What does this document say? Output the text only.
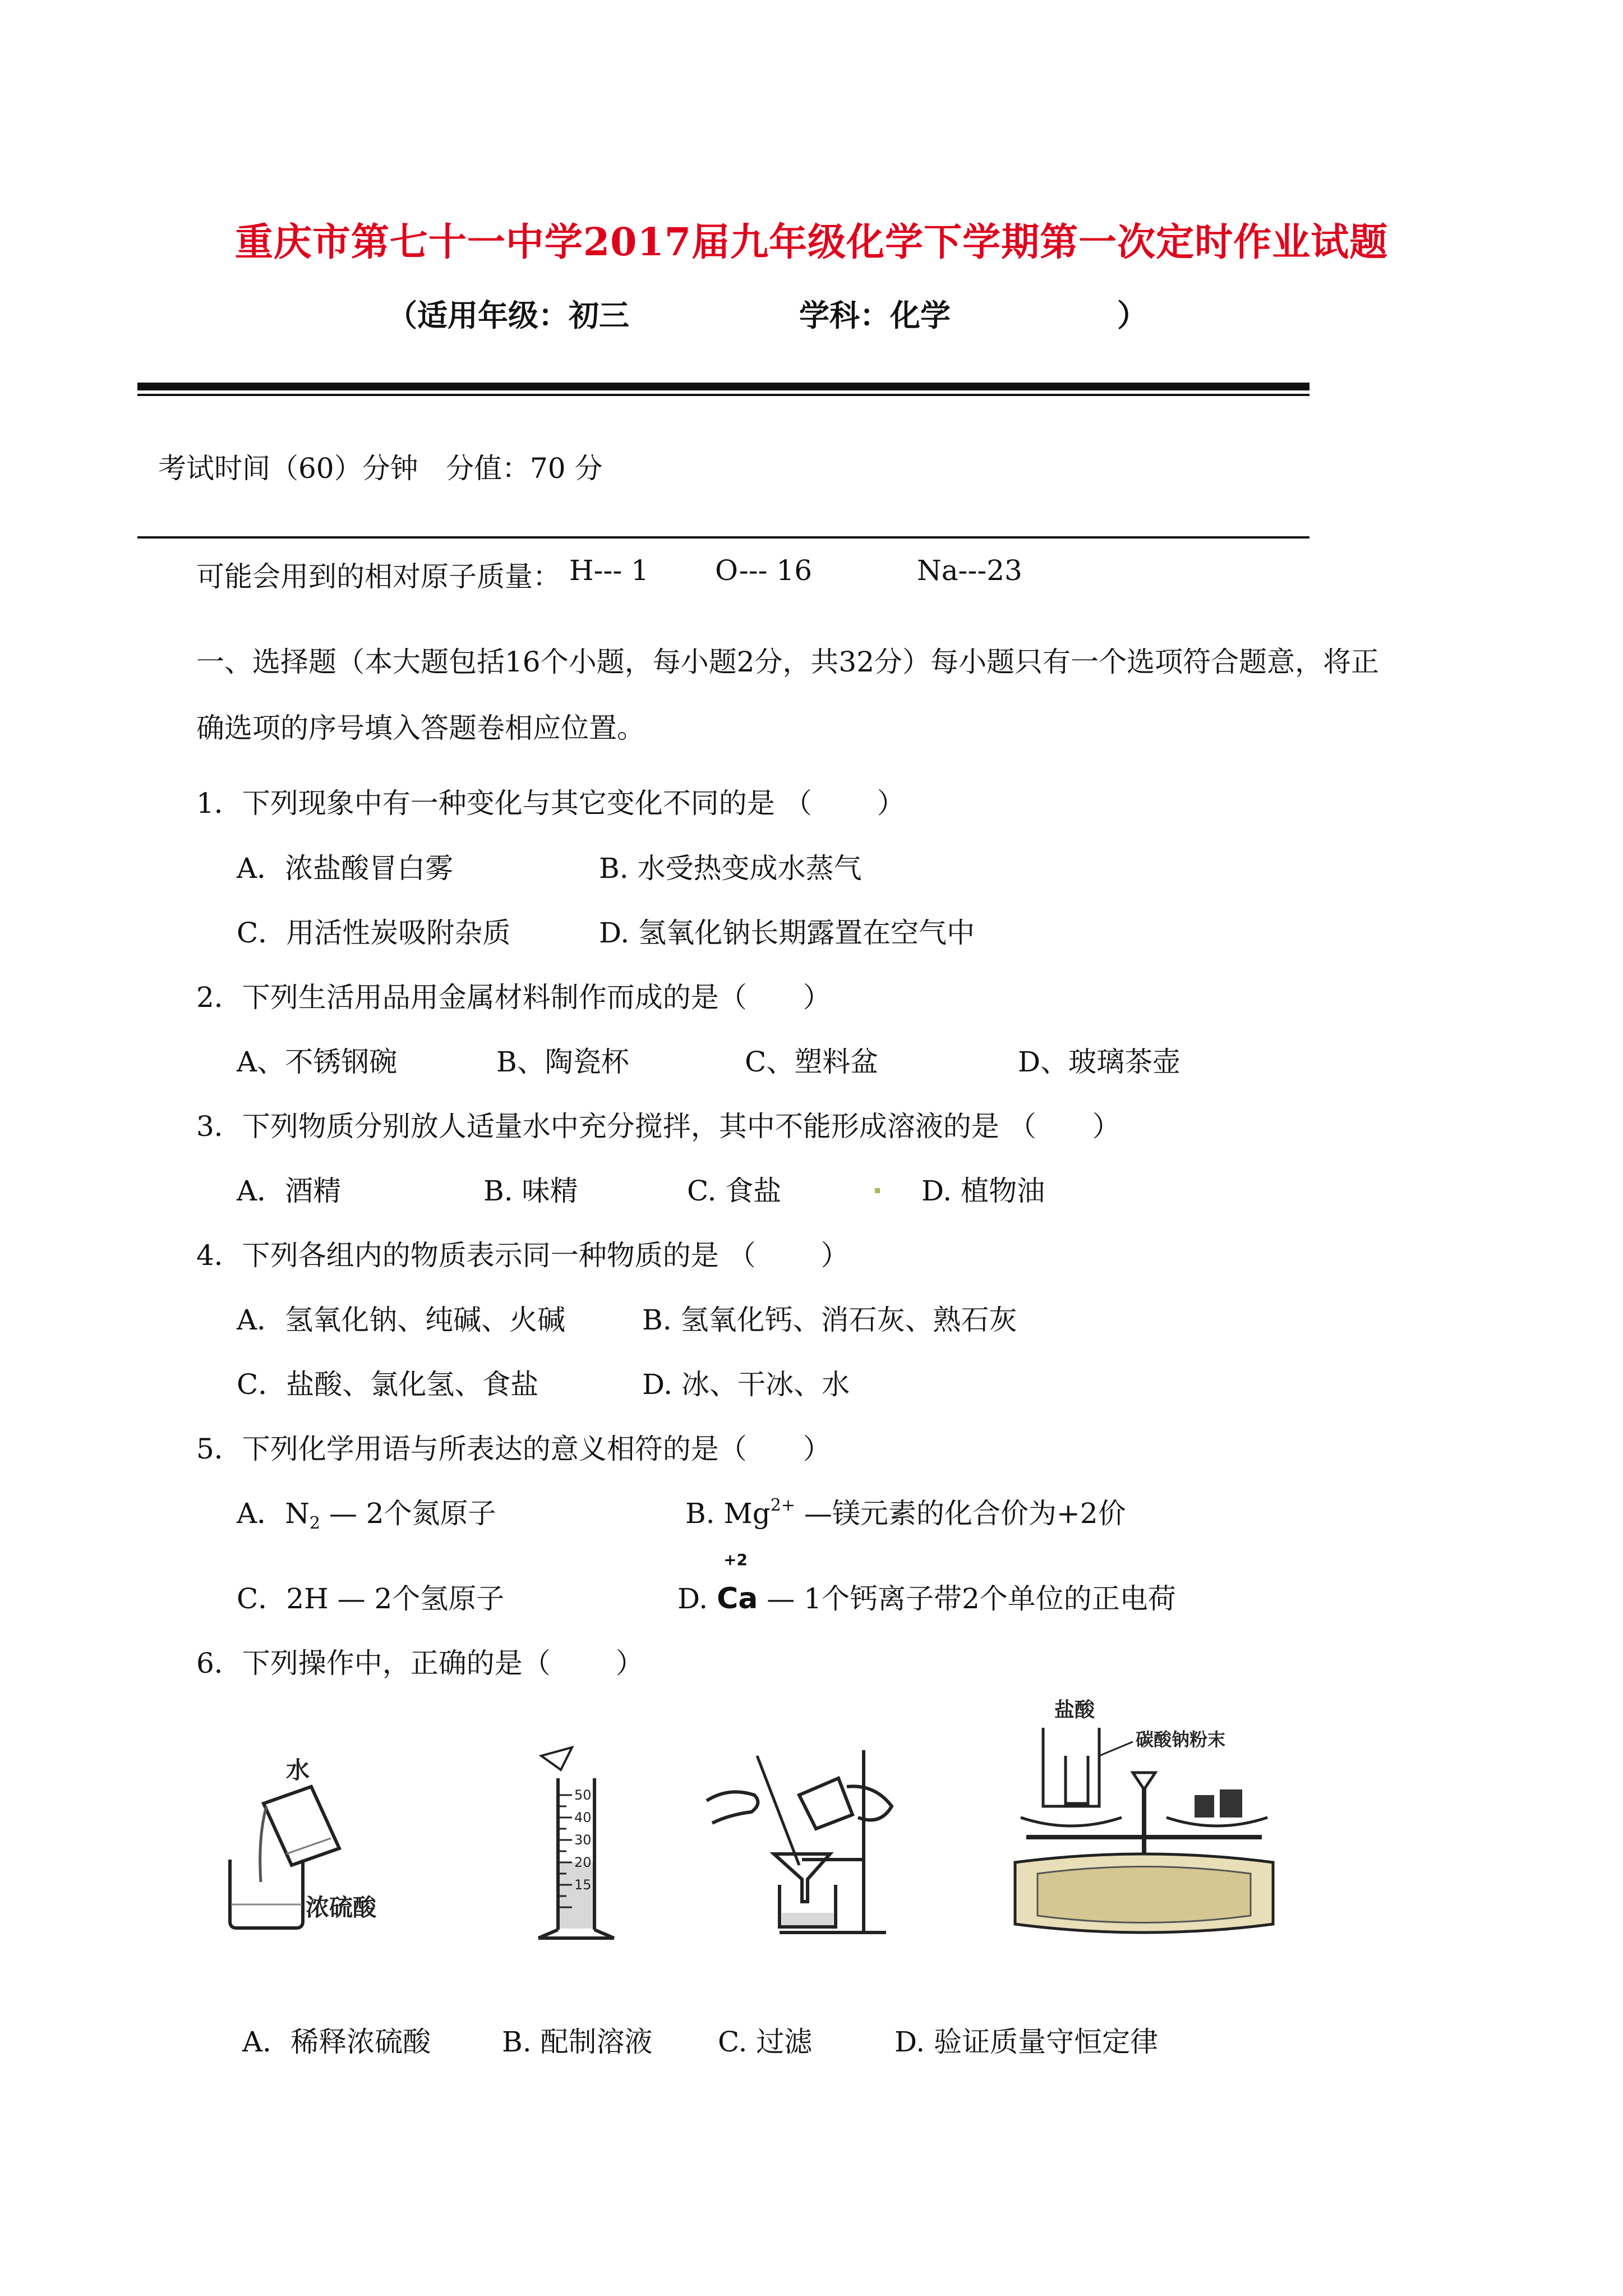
重庆市第七十一中学2017届九年级化学下学期第一次定时作业试题
（适用年级：初三	学科：化学	）
考试时间（60）分钟 分值：70 分
可能会用到的相对原子质量： H--- 1 O--- 16	Na---23
一、选择题（本大题包括16个小题，每小题2分，共32分）每小题只有一个选项符合题意，将正
确选项的序号填入答题卷相应位置。
1．下列现象中有一种变化与其它变化不同的是 （　　 ）
A．浓盐酸冒白雾	B. 水受热变成水蒸气
C．用活性炭吸附杂质	D. 氢氧化钠长期露置在空气中
2．下列生活用品用金属材料制作而成的是（　　）
A、不锈钢碗	B、陶瓷杯	C、塑料盆	D、玻璃茶壶
3．下列物质分别放人适量水中充分搅拌，其中不能形成溶液的是 （　　）
A．酒精	B. 味精	C. 食盐	D. 植物油
4．下列各组内的物质表示同一种物质的是 （　　 ）
A．氢氧化钠、纯碱、火碱	B. 氢氧化钙、消石灰、熟石灰
C．盐酸、氯化氢、食盐	D. 冰、干冰、水
5．下列化学用语与所表达的意义相符的是（　　）
A．$N_2$ — 2个氮原子	B. $Mg^{2+}$ —镁元素的化合价为+2价
C．2H — 2个氢原子	D.
+2
Ca — 1个钙离子带2个单位的正电荷
6．下列操作中，正确的是（　　 ）
水
浓硫酸
50
40
30
20
15
盐酸
碳酸钠粉末
A．稀释浓硫酸	B. 配制溶液 C. 过滤	D. 验证质量守恒定律
